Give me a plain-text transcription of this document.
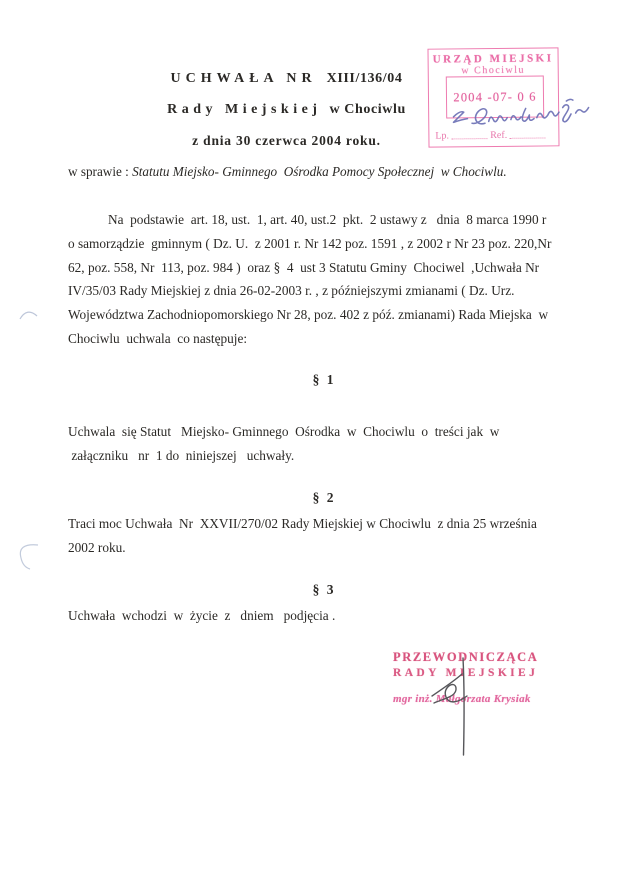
UCHWAŁA NR XIII/136/04
Rady Miejskiej w Chociwlu
z dnia 30 czerwca 2004 roku.
w sprawie : Statutu Miejsko- Gminnego  Ośrodka Pomocy Społecznej  w Chociwlu.
Na  podstawie  art. 18, ust.  1, art. 40, ust.2  pkt.  2 ustawy z   dnia  8 marca 1990 r
o samorządzie  gminnym ( Dz. U.  z 2001 r. Nr 142 poz. 1591 , z 2002 r Nr 23 poz. 220,Nr
62, poz. 558, Nr  113, poz. 984 )  oraz §  4  ust 3 Statutu Gminy  Chociwel  ,Uchwała Nr
IV/35/03 Rady Miejskiej z dnia 26-02-2003 r. , z późniejszymi zmianami ( Dz. Urz.
Województwa Zachodniopomorskiego Nr 28, poz. 402 z póź. zmianami) Rada Miejska  w
Chociwlu  uchwala  co następuje:
§ 1
Uchwala  się Statut   Miejsko- Gminnego  Ośrodka  w  Chociwlu  o  treści jak  w
załączniku   nr  1 do  niniejszej   uchwały.
§ 2
Traci moc Uchwała  Nr  XXVII/270/02 Rady Miejskiej w Chociwlu  z dnia 25 września
2002 roku.
§ 3
Uchwała  wchodzi  w  życie  z   dniem   podjęcia .
URZĄD MIEJSKI
w Chociwlu
2004 -07- 0 6
Lp.	Ref.
PRZEWODNICZĄCA
RADY MIEJSKIEJ
mgr inż. Małgorzata Krysiak
